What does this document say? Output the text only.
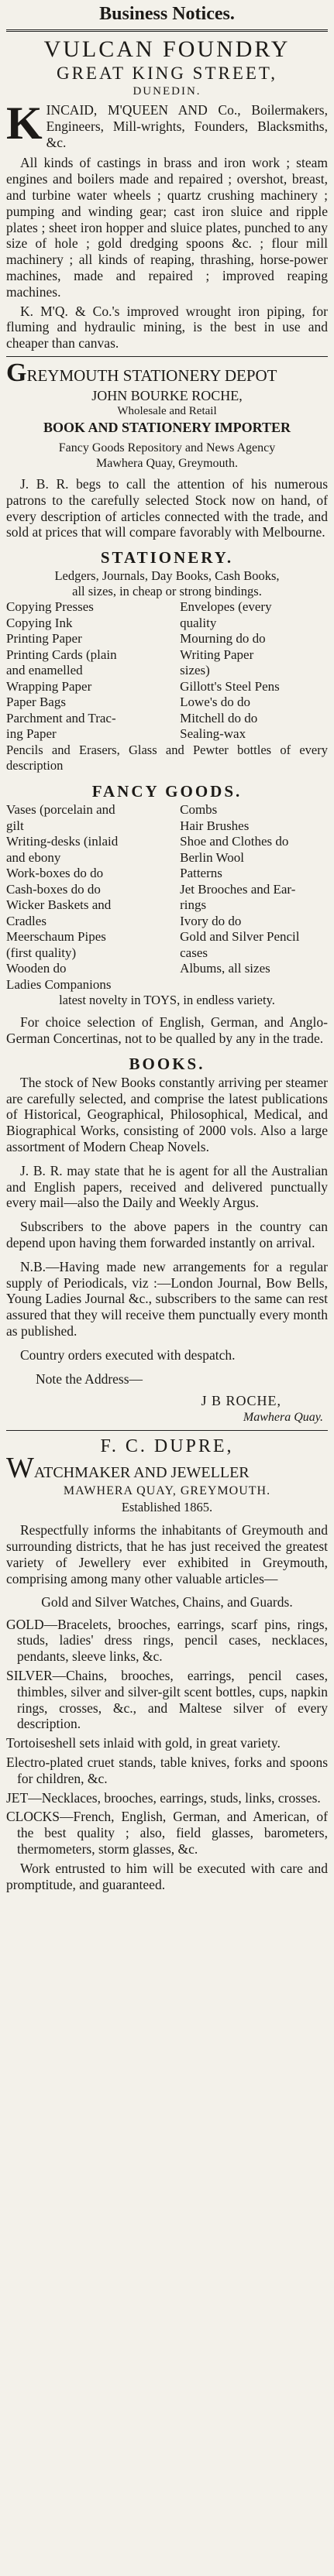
Business Notices.
VULCAN FOUNDRY
GREAT KING STREET,
DUNEDIN.

KINCAID, M'QUEEN AND Co., Boilermakers, Engineers, Mill-wrights, Founders, Blacksmiths, &c.

All kinds of castings in brass and iron work ; steam engines and boilers made and repaired ; overshot, breast, and turbine water wheels ; quartz crushing machinery ; pumping and winding gear; cast iron sluice and ripple plates ; sheet iron hopper and sluice plates, punched to any size of hole ; gold dredging spoons &c. ; flour mill machinery ; all kinds of reaping, thrashing, horse-power machines, made and repaired ; improved reaping machines.

K. M'Q. & Co.'s improved wrought iron piping, for fluming and hydraulic mining, is the best in use and cheaper than canvas.

GREYMOUTH STATIONERY DEPOT
JOHN BOURKE ROCHE,
Wholesale and Retail
BOOK AND STATIONERY IMPORTER
Fancy Goods Repository and News Agency
Mawhera Quay, Greymouth.

J. B. R. begs to call the attention of his numerous patrons to the carefully selected Stock now on hand, of every description of articles connected with the trade, and sold at prices that will compare favorably with Melbourne.

STATIONERY.
Ledgers, Journals, Day Books, Cash Books,
all sizes, in cheap or strong bindings.
Copying Presses	Envelopes (every
Copying Ink	quality
Printing Paper	Mourning do do
Printing Cards (plain	Writing Paper
and enamelled	sizes)
Wrapping Paper	Gillott's Steel Pens
Paper Bags	Lowe's do do
Parchment and Trac-	Mitchell do do
ing Paper	Sealing-wax

Pencils and Erasers, Glass and Pewter bottles of every description

FANCY GOODS.
Vases (porcelain and	Combs
gilt	Hair Brushes
Writing-desks (inlaid	Shoe and Clothes do
and ebony	Berlin Wool
Work-boxes do do	Patterns
Cash-boxes do do	Jet Brooches and Ear-
Wicker Baskets and	rings
Cradles	Ivory do do
Meerschaum Pipes	Gold and Silver Pencil
(first quality)	cases
Wooden do	Albums, all sizes
Ladies Companions

latest novelty in TOYS, in endless variety.

For choice selection of English, German, and Anglo-German Concertinas, not to be qualled by any in the trade.

BOOKS.

The stock of New Books constantly arriving per steamer are carefully selected, and comprise the latest publications of Historical, Geographical, Philosophical, Medical, and Biographical Works, consisting of 2000 vols. Also a large assortment of Modern Cheap Novels.

J. B. R. may state that he is agent for all the Australian and English papers, received and delivered punctually every mail—also the Daily and Weekly Argus.

Subscribers to the above papers in the country can depend upon having them forwarded instantly on arrival.

N.B.—Having made new arrangements for a regular supply of Periodicals, viz :—London Journal, Bow Bells, Young Ladies Journal &c., subscribers to the same can rest assured that they will receive them punctually every month as published.

Country orders executed with despatch.

Note the Address—

J B ROCHE,
Mawhera Quay.
F. C. DUPRE,
WATCHMAKER AND JEWELLER
MAWHERA QUAY, GREYMOUTH.
Established 1865.

Respectfully informs the inhabitants of Greymouth and surrounding districts, that he has just received the greatest variety of Jewellery ever exhibited in Greymouth, comprising among many other valuable articles—

Gold and Silver Watches, Chains, and Guards.

GOLD—Bracelets, brooches, earrings, scarf pins, rings, studs, ladies' dress rings, pencil cases, necklaces, pendants, sleeve links, &c.

SILVER—Chains, brooches, earrings, pencil cases, thimbles, silver and silver-gilt scent bottles, cups, napkin rings, crosses, &c., and Maltese silver of every description.

Tortoiseshell sets inlaid with gold, in great variety.

Electro-plated cruet stands, table knives, forks and spoons for children, &c.

JET—Necklaces, brooches, earrings, studs, links, crosses.

CLOCKS—French, English, German, and American, of the best quality ; also, field glasses, barometers, thermometers, storm glasses, &c.

Work entrusted to him will be executed with care and promptitude, and guaranteed.
